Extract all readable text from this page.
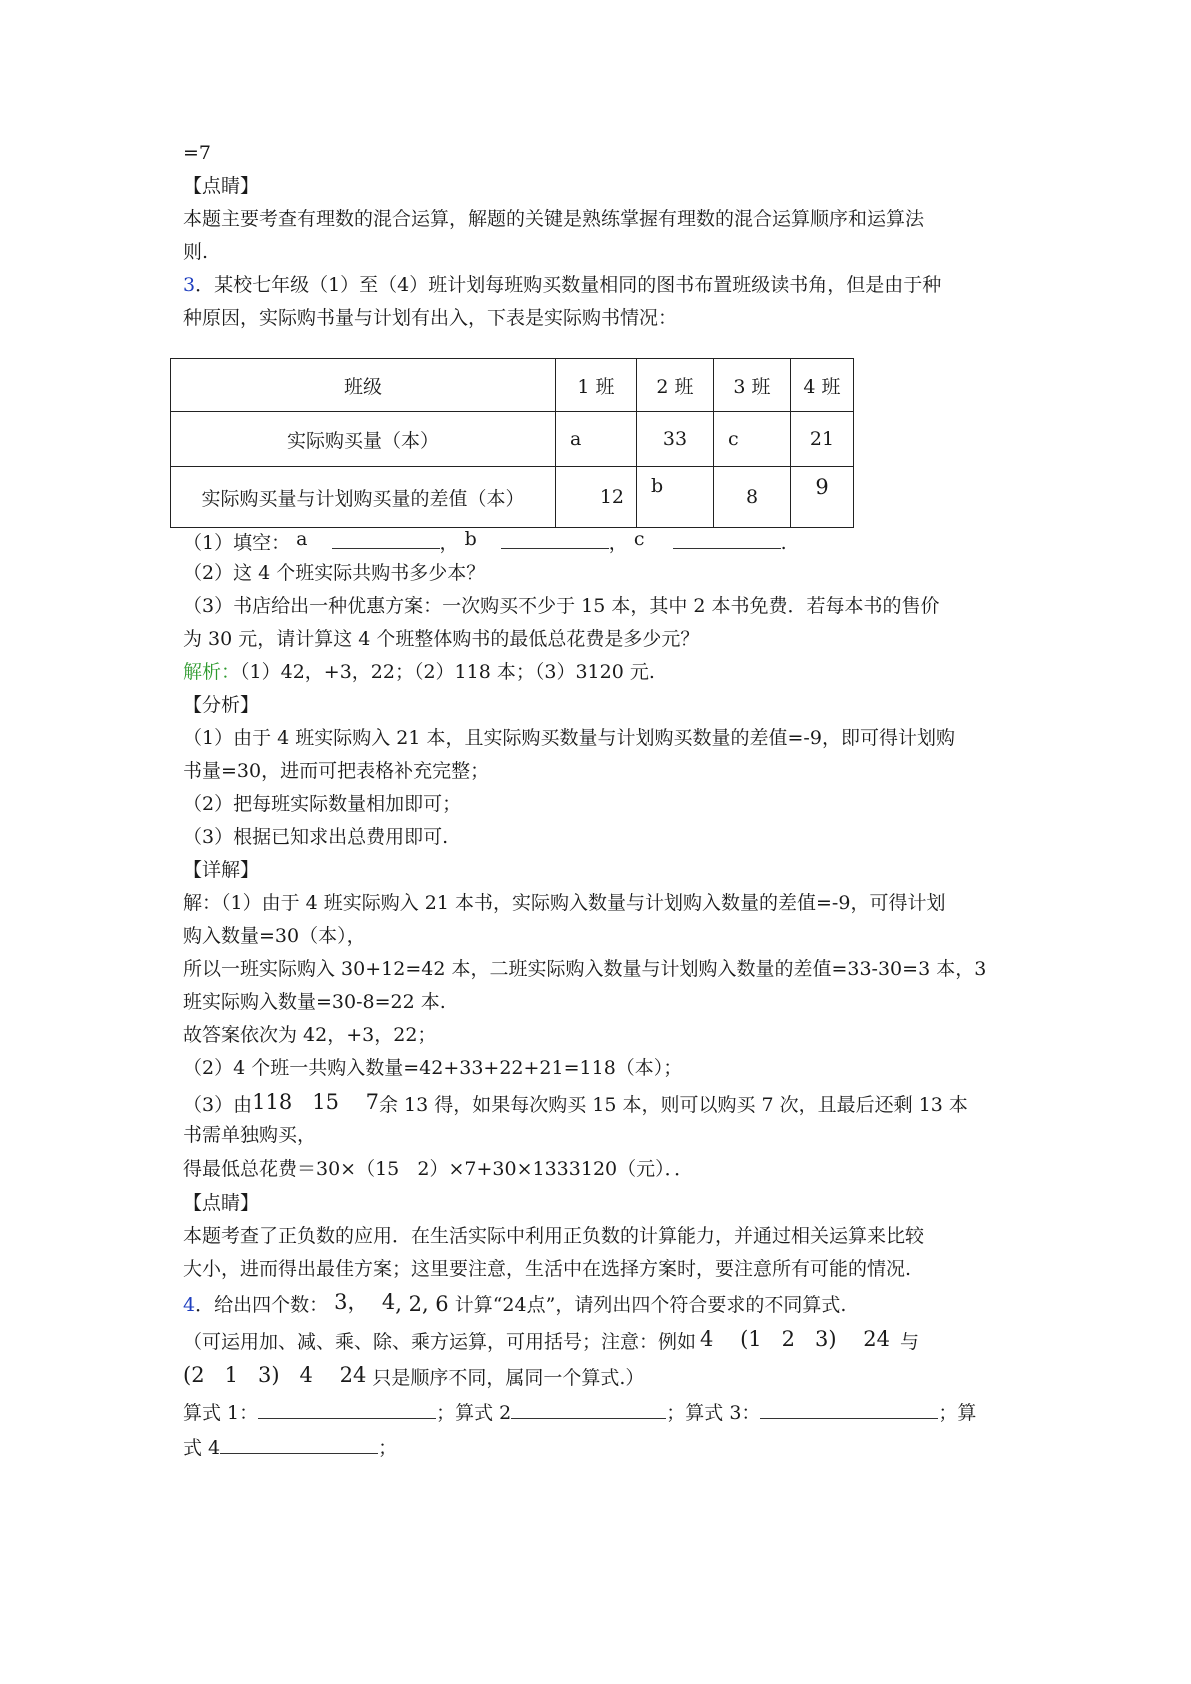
=7
【点睛】
本题主要考查有理数的混合运算，解题的关键是熟练掌握有理数的混合运算顺序和运算法
则.
3．某校七年级（1）至（4）班计划每班购买数量相同的图书布置班级读书角，但是由于种
种原因，实际购书量与计划有出入，下表是实际购书情况：
班级	1 班	2 班	3 班	4 班
实际购买量（本）	a	33	c	21
实际购买量与计划购买量的差值（本）	12	b	8	9
（1）填空： a	， b	， c	.
（2）这 4 个班实际共购书多少本？
（3）书店给出一种优惠方案：一次购买不少于 15 本，其中 2 本书免费．若每本书的售价
为 30 元，请计算这 4 个班整体购书的最低总花费是多少元？
解析：（1）42，+3，22；（2）118 本；（3）3120 元.
【分析】
（1）由于 4 班实际购入 21 本，且实际购买数量与计划购买数量的差值=-9，即可得计划购
书量=30，进而可把表格补充完整；
（2）把每班实际数量相加即可；
（3）根据已知求出总费用即可.
【详解】
解：（1）由于 4 班实际购入 21 本书，实际购入数量与计划购入数量的差值=-9，可得计划
购入数量=30（本），
所以一班实际购入 30+12=42 本，二班实际购入数量与计划购入数量的差值=33-30=3 本，3
班实际购入数量=30-8=22 本.
故答案依次为 42，+3，22；
（2）4 个班一共购入数量=42+33+22+21=118（本）；
（3）由118   15    7余 13 得，如果每次购买 15 本，则可以购买 7 次，且最后还剩 13 本
书需单独购买，
得最低总花费＝30×（15   2）×7+30×1333120（元）．．
【点睛】
本题考查了正负数的应用．在生活实际中利用正负数的计算能力，并通过相关运算来比较
大小，进而得出最佳方案；这里要注意，生活中在选择方案时，要注意所有可能的情况.
4．给出四个数： 3，  4, 2, 6 计算“24点”，请列出四个符合要求的不同算式.
（可运用加、减、乘、除、乘方运算，可用括号；注意：例如 4    (1   2   3)    24 与
(2   1   3)   4    24 只是顺序不同，属同一个算式.）
算式 1：	；算式 2	；算式 3：	；算
式 4	；
